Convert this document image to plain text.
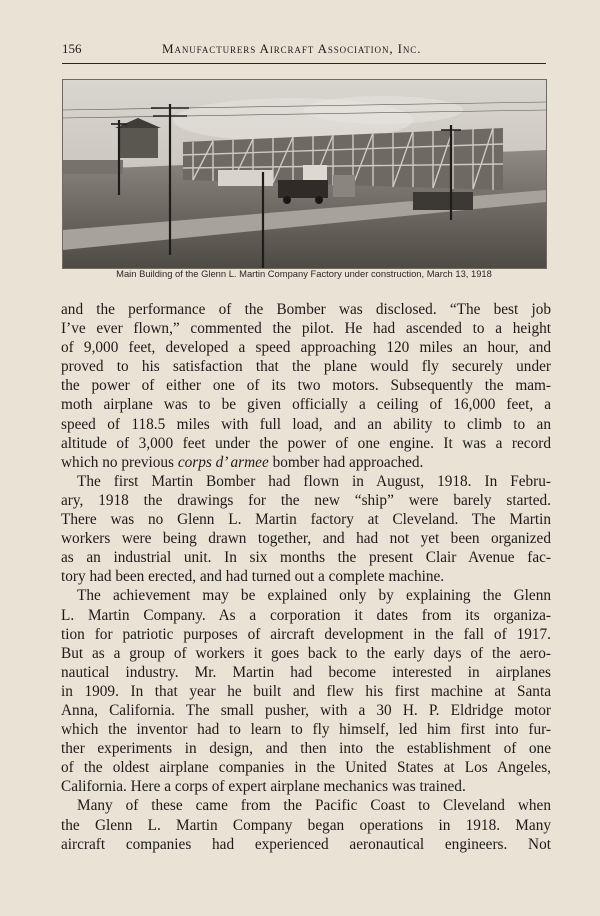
156	Manufacturers Aircraft Association, Inc.
Main Building of the Glenn L. Martin Company Factory under construction, March 13, 1918
and the performance of the Bomber was disclosed. “The best job
I’ve ever flown,” commented the pilot. He had ascended to a height
of 9,000 feet, developed a speed approaching 120 miles an hour, and
proved to his satisfaction that the plane would fly securely under
the power of either one of its two motors. Subsequently the mam-
moth airplane was to be given officially a ceiling of 16,000 feet, a
speed of 118.5 miles with full load, and an ability to climb to an
altitude of 3,000 feet under the power of one engine. It was a record
which no previous corps d’ armee bomber had approached.
The first Martin Bomber had flown in August, 1918. In Febru-
ary, 1918 the drawings for the new “ship” were barely started.
There was no Glenn L. Martin factory at Cleveland. The Martin
workers were being drawn together, and had not yet been organized
as an industrial unit. In six months the present Clair Avenue fac-
tory had been erected, and had turned out a complete machine.
The achievement may be explained only by explaining the Glenn
L. Martin Company. As a corporation it dates from its organiza-
tion for patriotic purposes of aircraft development in the fall of 1917.
But as a group of workers it goes back to the early days of the aero-
nautical industry. Mr. Martin had become interested in airplanes
in 1909. In that year he built and flew his first machine at Santa
Anna, California. The small pusher, with a 30 H. P. Eldridge motor
which the inventor had to learn to fly himself, led him first into fur-
ther experiments in design, and then into the establishment of one
of the oldest airplane companies in the United States at Los Angeles,
California. Here a corps of expert airplane mechanics was trained.
Many of these came from the Pacific Coast to Cleveland when
the Glenn L. Martin Company began operations in 1918. Many
aircraft companies had experienced aeronautical engineers. Not
